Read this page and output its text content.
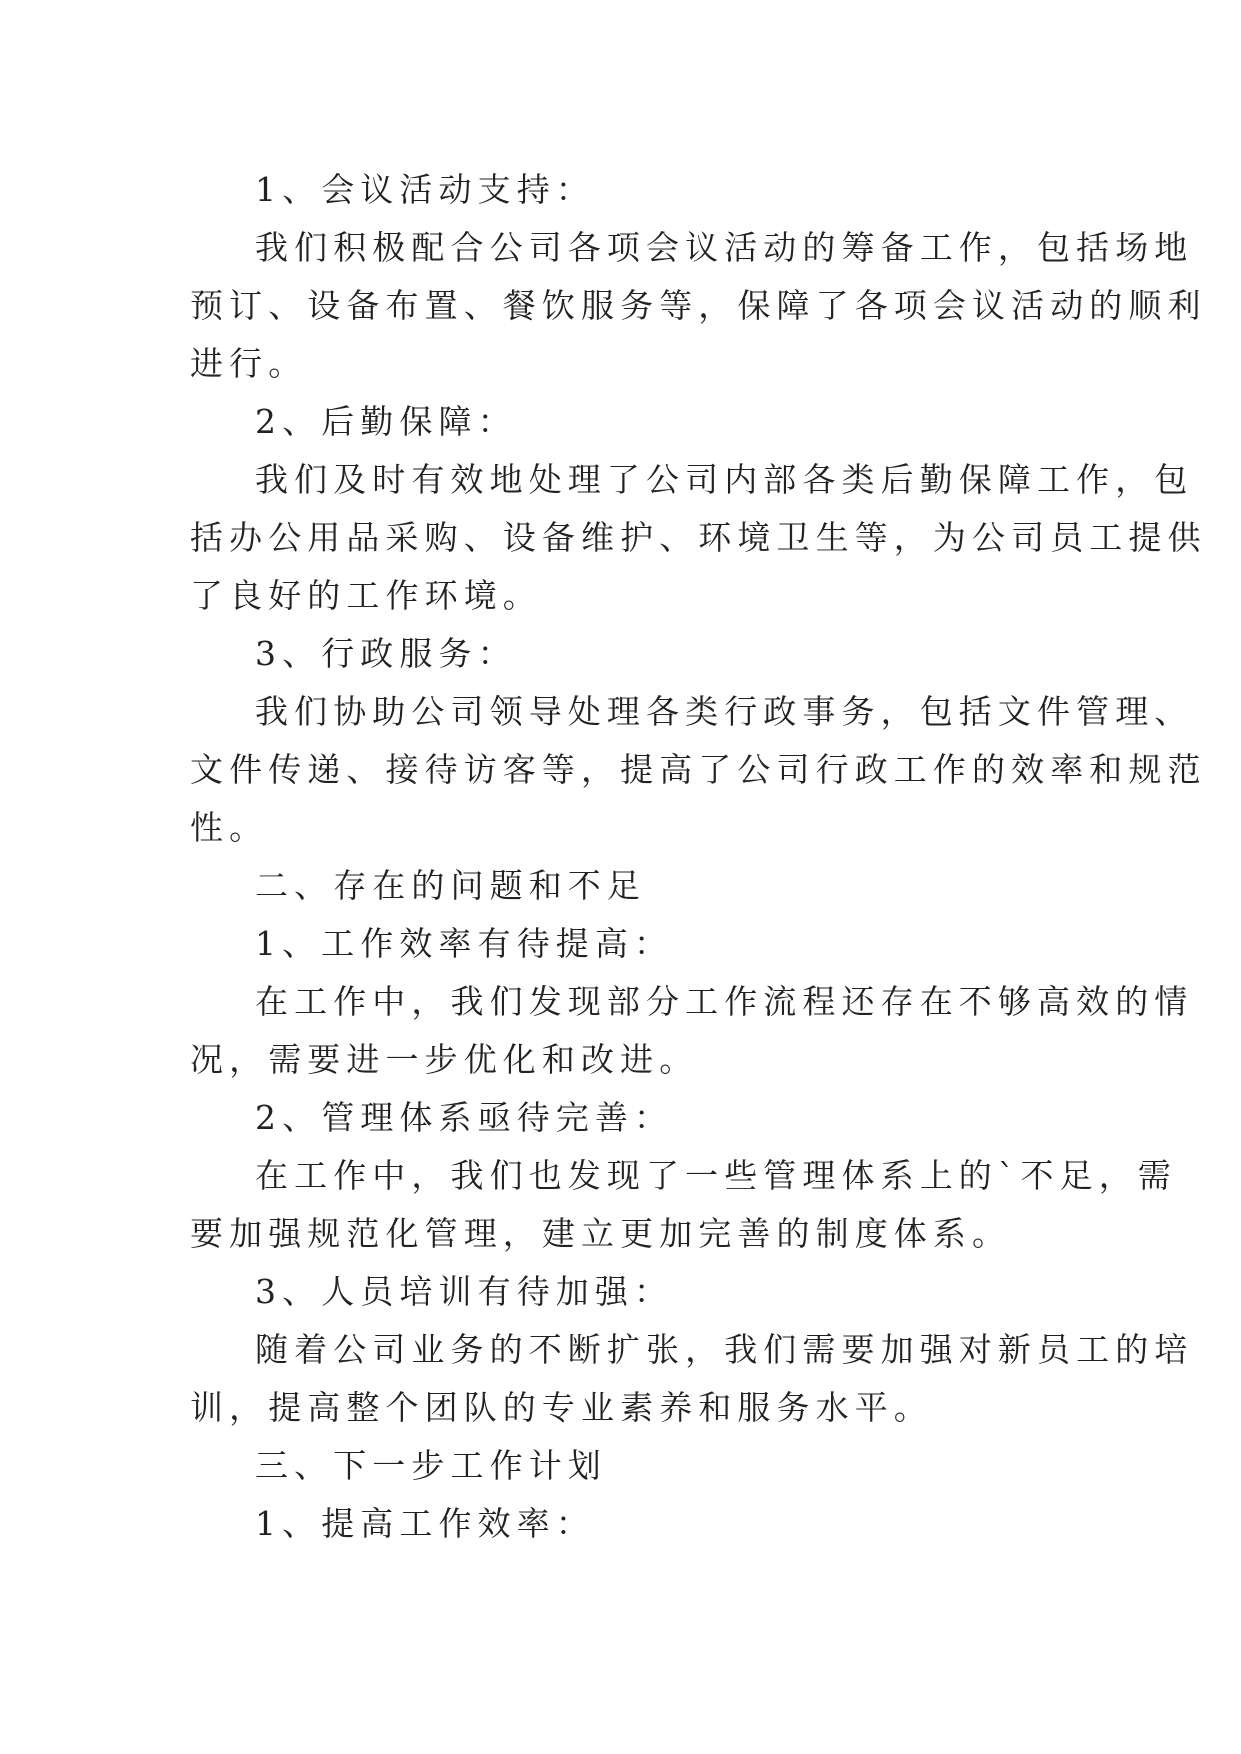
1、会议活动支持：

我们积极配合公司各项会议活动的筹备工作，包括场地

预订、设备布置、餐饮服务等，保障了各项会议活动的顺利

进行。

2、后勤保障：

我们及时有效地处理了公司内部各类后勤保障工作，包

括办公用品采购、设备维护、环境卫生等，为公司员工提供

了良好的工作环境。

3、行政服务：

我们协助公司领导处理各类行政事务，包括文件管理、

文件传递、接待访客等，提高了公司行政工作的效率和规范

性。

二、存在的问题和不足

1、工作效率有待提高：

在工作中，我们发现部分工作流程还存在不够高效的情

况，需要进一步优化和改进。

2、管理体系亟待完善：

在工作中，我们也发现了一些管理体系上的`不足，需

要加强规范化管理，建立更加完善的制度体系。

3、人员培训有待加强：

随着公司业务的不断扩张，我们需要加强对新员工的培

训，提高整个团队的专业素养和服务水平。

三、下一步工作计划

1、提高工作效率：
